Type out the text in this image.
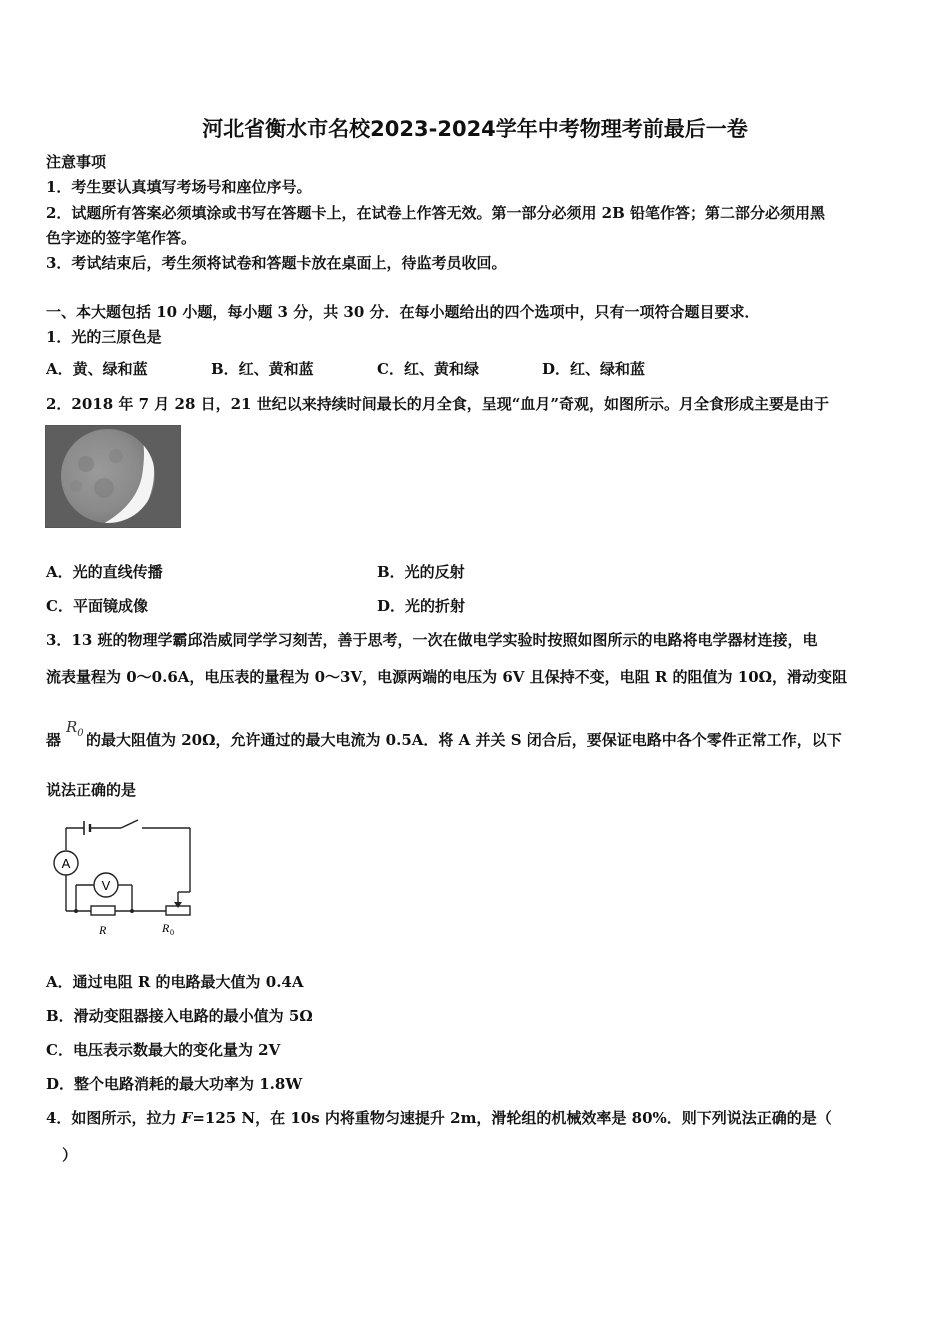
河北省衡水市名校2023-2024学年中考物理考前最后一卷
注意事项
1．考生要认真填写考场号和座位序号。
2．试题所有答案必须填涂或书写在答题卡上，在试卷上作答无效。第一部分必须用 2B 铅笔作答；第二部分必须用黑
色字迹的签字笔作答。
3．考试结束后，考生须将试卷和答题卡放在桌面上，待监考员收回。
一、本大题包括 10 小题，每小题 3 分，共 30 分．在每小题给出的四个选项中，只有一项符合题目要求．
1．光的三原色是
A．黄、绿和蓝	B．红、黄和蓝	C．红、黄和绿	D．红、绿和蓝
2．2018 年 7 月 28 日，21 世纪以来持续时间最长的月全食，呈现“血月”奇观，如图所示。月全食形成主要是由于
A．光的直线传播	B．光的反射
C．平面镜成像	D．光的折射
3．13 班的物理学霸邱浩威同学学习刻苦，善于思考，一次在做电学实验时按照如图所示的电路将电学器材连接，电
流表量程为 0～0.6A，电压表的量程为 0～3V，电源两端的电压为 6V 且保持不变，电阻 R 的阻值为 10Ω，滑动变阻
器
$R_0$ 的最大阻值为 20Ω，允许通过的最大电流为 0.5A．将 A 并关 S 闭合后，要保证电路中各个零件正常工作，以下
说法正确的是
A
V
R	R 0
A．通过电阻 R 的电路最大值为 0.4A
B．滑动变阻器接入电路的最小值为 5Ω
C．电压表示数最大的变化量为 2V
D．整个电路消耗的最大功率为 1.8W
4．如图所示，拉力 F=125 N，在 10s 内将重物匀速提升 2m，滑轮组的机械效率是 80%．则下列说法正确的是（
）
